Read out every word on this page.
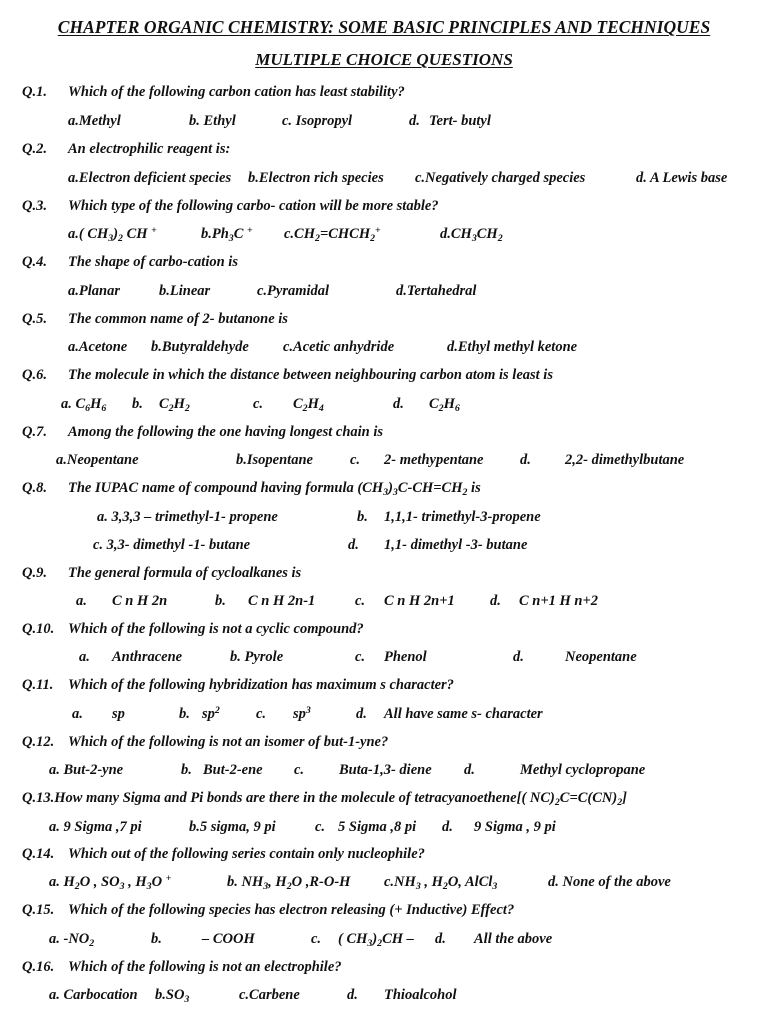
CHAPTER ORGANIC CHEMISTRY: SOME BASIC PRINCIPLES AND TECHNIQUES
MULTIPLE CHOICE QUESTIONS
Q.1. Which of the following carbon cation has least stability?
a.Methyl	b. Ethyl	c. Isopropyl	d. Tert- butyl
Q.2. An electrophilic reagent is:
a.Electron deficient species b.Electron rich species c.Negatively charged species	d. A Lewis base
Q.3. Which type of the following carbo- cation will be more stable?
a.( $CH_3)_2$ CH +	$b.Ph_3C$ + $c.CH_2=CHCH_2^+$	$d.CH_3CH_2$
Q.4. The shape of carbo-cation is
a.Planar	b.Linear	c.Pyramidal	d.Tertahedral
Q.5. The common name of 2- butanone is
a.Acetone b.Butyraldehyde c.Acetic anhydride	d.Ethyl methyl ketone
Q.6. The molecule in which the distance between neighbouring carbon atom is least is
a. $C_6H_6$ b. $C_2H_2$	c. $C_2H_4$	d. $C_2H_6$
Q.7. Among the following the one having longest chain is
a.Neopentane	b.Isopentane	c. 2- methypentane	d. 2,2- dimethylbutane
Q.8. The IUPAC name of compound having formula $(CH_3)_3C-CH=CH_2$ is
a. 3,3,3 – trimethyl-1- propene	b. 1,1,1- trimethyl-3-propene
c. 3,3- dimethyl -1- butane	d. 1,1- dimethyl -3- butane
Q.9. The general formula of cycloalkanes is
a. C n H 2n	b. C n H 2n-1	c. C n H 2n+1 d. C n+1 H n+2
Q.10. Which of the following is not a cyclic compound?
a. Anthracene	b. Pyrole	c. Phenol	d.	Neopentane
Q.11. Which of the following hybridization has maximum s character?
a. sp	b. $sp^2$ c. $sp^3$	d. All have same s- character
Q.12. Which of the following is not an isomer of but-1-yne?
a. But-2-yne	b. But-2-ene c. Buta-1,3- diene d.	Methyl cyclopropane
Q.13.How many Sigma and Pi bonds are there in the molecule of tetracyanoethene[( $NC)_2C=C(CN)_2$]
a. 9 Sigma ,7 pi	b.5 sigma, 9 pi	c. 5 Sigma ,8 pi d. 9 Sigma , 9 pi
Q.14. Which out of the following series contain only nucleophile?
a. $H_2O$ , $SO_3$ , $H_3O$ +	b. $NH_3$, $H_2O$ ,R-O-H $c.NH_3$ , $H_2O$, AlCl$_3$	d. None of the above
Q.15. Which of the following species has electron releasing (+ Inductive) Effect?
a. $-NO_2$	b.	– COOH	c. ( $CH_3)_2CH$ – d. All the above
Q.16. Which of the following is not an electrophile?
a. Carbocation $b.SO_3$	c.Carbene	d. Thioalcohol
